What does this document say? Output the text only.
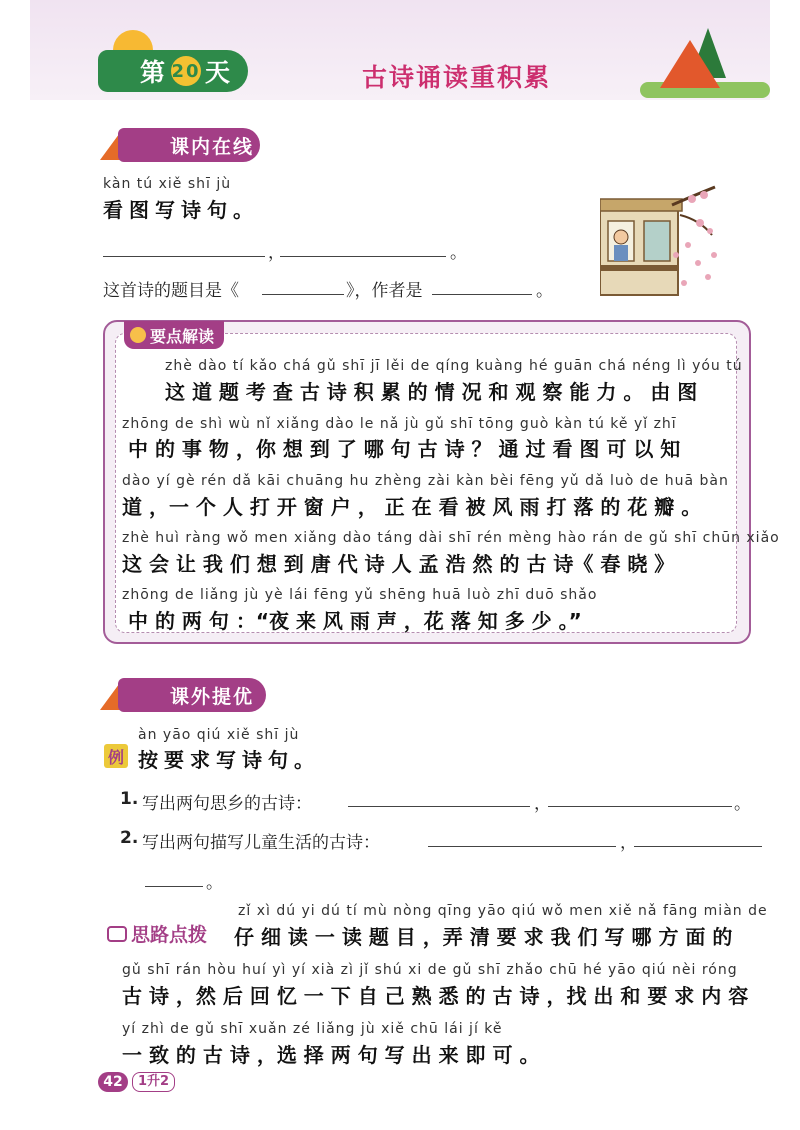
第 20 天	古诗诵读重积累
课内在线
kàn tú xiě shī jù
看图写诗句。
，	。
这首诗的题目是《	》，作者是	。
要点解读
zhè dào tí kǎo chá gǔ shī jī lěi de qíng kuàng hé guān chá néng lì yóu tú
这 道 题 考 查 古 诗 积 累 的 情 况 和 观 察 能 力 。 由 图
zhōng de shì wù nǐ xiǎng dào le nǎ jù gǔ shī tōng guò kàn tú kě yǐ zhī
中 的 事 物 ，你 想 到 了 哪 句 古 诗 ？ 通 过 看 图 可 以 知
dào yí gè rén dǎ kāi chuāng hu zhèng zài kàn bèi fēng yǔ dǎ luò de huā bàn
道 ，一 个 人 打 开 窗 户 ， 正 在 看 被 风 雨 打 落 的 花 瓣 。
zhè huì ràng wǒ men xiǎng dào táng dài shī rén mèng hào rán de gǔ shī chūn xiǎo
这 会 让 我 们 想 到 唐 代 诗 人 孟 浩 然 的 古 诗《 春 晓 》
zhōng de liǎng jù yè lái fēng yǔ shēng huā luò zhī duō shǎo
中 的 两 句 ：“夜 来 风 雨 声 ，花 落 知 多 少 。”
课外提优
àn yāo qiú xiě shī jù
例 按要求写诗句。
1. 写出两句思乡的古诗：	，	。
2. 写出两句描写儿童生活的古诗：	，
。
思路点拨
zǐ xì dú yi dú tí mù nòng qīng yāo qiú wǒ men xiě nǎ fāng miàn de
仔 细 读 一 读 题 目 ，弄 清 要 求 我 们 写 哪 方 面 的
gǔ shī rán hòu huí yì yí xià zì jǐ shú xi de gǔ shī zhǎo chū hé yāo qiú nèi róng
古 诗 ，然 后 回 忆 一 下 自 己 熟 悉 的 古 诗 ，找 出 和 要 求 内 容
yí zhì de gǔ shī xuǎn zé liǎng jù xiě chū lái jí kě
一 致 的 古 诗 ，选 择 两 句 写 出 来 即 可 。
42	1升2
